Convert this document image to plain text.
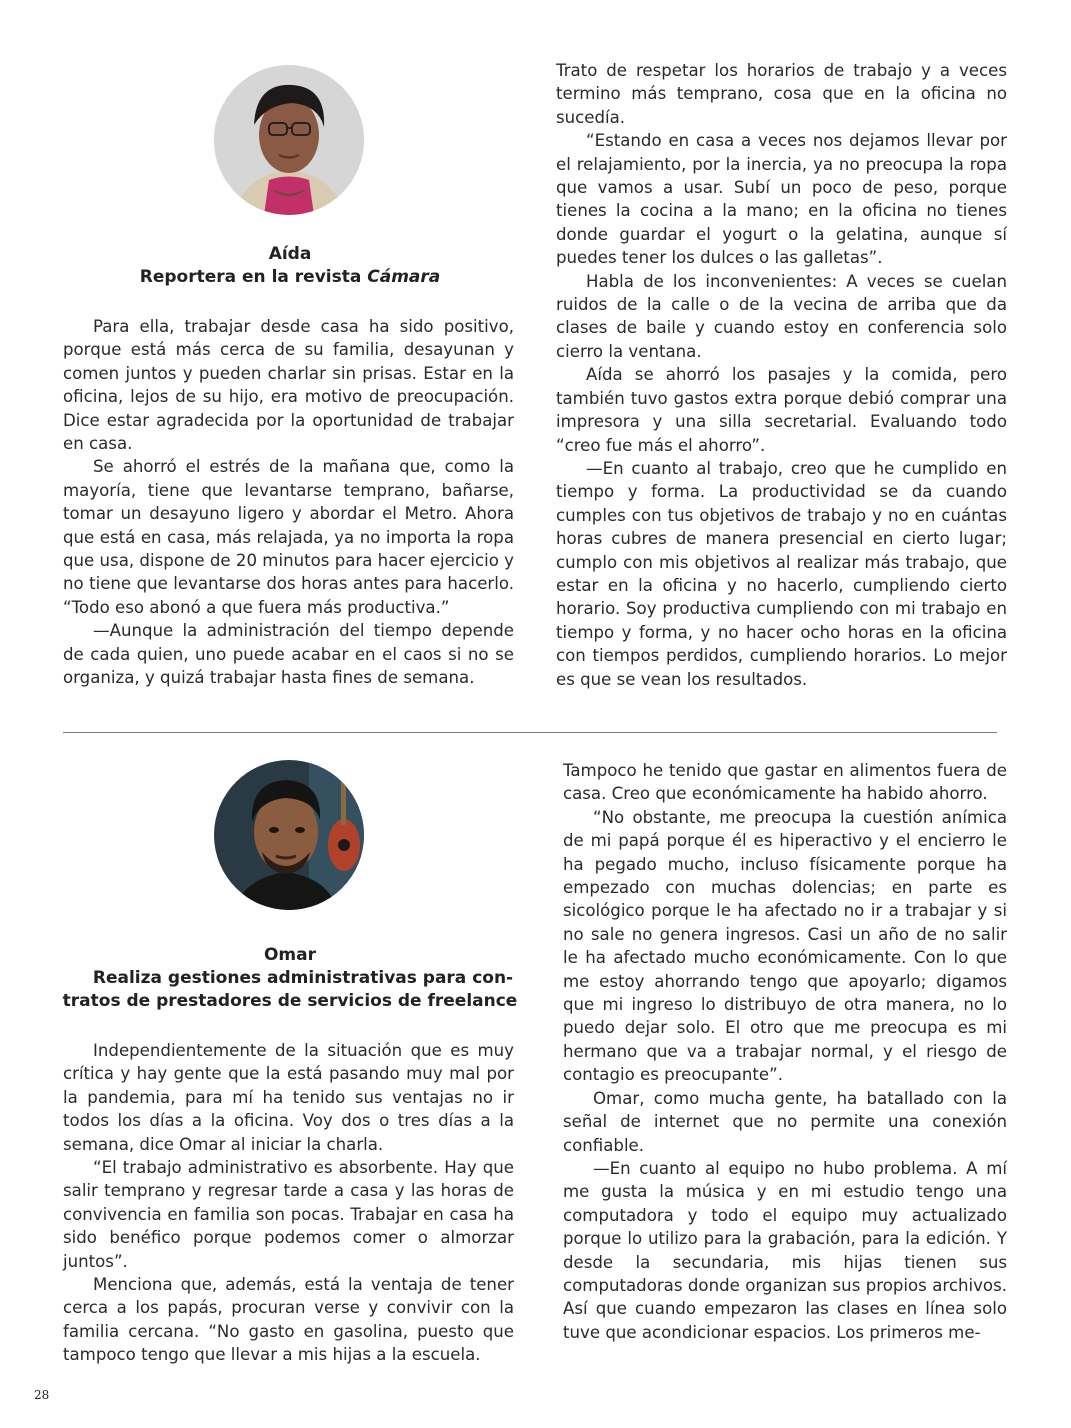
Aída
Reportera en la revista Cámara

Para ella, trabajar desde casa ha sido positivo, porque está más cerca de su familia, desayunan y comen juntos y pueden charlar sin prisas. Estar en la oficina, lejos de su hijo, era motivo de preocupación. Dice estar agradecida por la oportunidad de trabajar en casa.

Se ahorró el estrés de la mañana que, como la mayoría, tiene que levantarse temprano, bañarse, tomar un desayuno ligero y abordar el Metro. Ahora que está en casa, más relajada, ya no importa la ropa que usa, dispone de 20 minutos para hacer ejercicio y no tiene que levantarse dos horas antes para hacerlo. “Todo eso abonó a que fuera más productiva.”

—Aunque la administración del tiempo depende de cada quien, uno puede acabar en el caos si no se organiza, y quizá trabajar hasta fines de semana.

Trato de respetar los horarios de trabajo y a veces termino más temprano, cosa que en la oficina no sucedía.

“Estando en casa a veces nos dejamos llevar por el relajamiento, por la inercia, ya no preocupa la ropa que vamos a usar. Subí un poco de peso, porque tienes la cocina a la mano; en la oficina no tienes donde guardar el yogurt o la gelatina, aunque sí puedes tener los dulces o las galletas”.

Habla de los inconvenientes: A veces se cuelan ruidos de la calle o de la vecina de arriba que da clases de baile y cuando estoy en conferencia solo cierro la ventana.

Aída se ahorró los pasajes y la comida, pero también tuvo gastos extra porque debió comprar una impresora y una silla secretarial. Evaluando todo “creo fue más el ahorro”.

—En cuanto al trabajo, creo que he cumplido en tiempo y forma. La productividad se da cuando cumples con tus objetivos de trabajo y no en cuántas horas cubres de manera presencial en cierto lugar; cumplo con mis objetivos al realizar más trabajo, que estar en la oficina y no hacerlo, cumpliendo cierto horario. Soy productiva cumpliendo con mi trabajo en tiempo y forma, y no hacer ocho horas en la oficina con tiempos perdidos, cumpliendo horarios. Lo mejor es que se vean los resultados.

Omar
Realiza gestiones administrativas para con-
tratos de prestadores de servicios de freelance

Independientemente de la situación que es muy crítica y hay gente que la está pasando muy mal por la pandemia, para mí ha tenido sus ventajas no ir todos los días a la oficina. Voy dos o tres días a la semana, dice Omar al iniciar la charla.

“El trabajo administrativo es absorbente. Hay que salir temprano y regresar tarde a casa y las horas de convivencia en familia son pocas. Trabajar en casa ha sido benéfico porque podemos comer o almorzar juntos”.

Menciona que, además, está la ventaja de tener cerca a los papás, procuran verse y convivir con la familia cercana. “No gasto en gasolina, puesto que tampoco tengo que llevar a mis hijas a la escuela.

Tampoco he tenido que gastar en alimentos fuera de casa. Creo que económicamente ha habido ahorro.

“No obstante, me preocupa la cuestión anímica de mi papá porque él es hiperactivo y el encierro le ha pegado mucho, incluso físicamente porque ha empezado con muchas dolencias; en parte es sicológico porque le ha afectado no ir a trabajar y si no sale no genera ingresos. Casi un año de no salir le ha afectado mucho económicamente. Con lo que me estoy ahorrando tengo que apoyarlo; digamos que mi ingreso lo distribuyo de otra manera, no lo puedo dejar solo. El otro que me preocupa es mi hermano que va a trabajar normal, y el riesgo de contagio es preocupante”.

Omar, como mucha gente, ha batallado con la señal de internet que no permite una conexión confiable.

—En cuanto al equipo no hubo problema. A mí me gusta la música y en mi estudio tengo una computadora y todo el equipo muy actualizado porque lo utilizo para la grabación, para la edición. Y desde la secundaria, mis hijas tienen sus computadoras donde organizan sus propios archivos. Así que cuando empezaron las clases en línea solo tuve que acondicionar espacios. Los primeros me-

28
